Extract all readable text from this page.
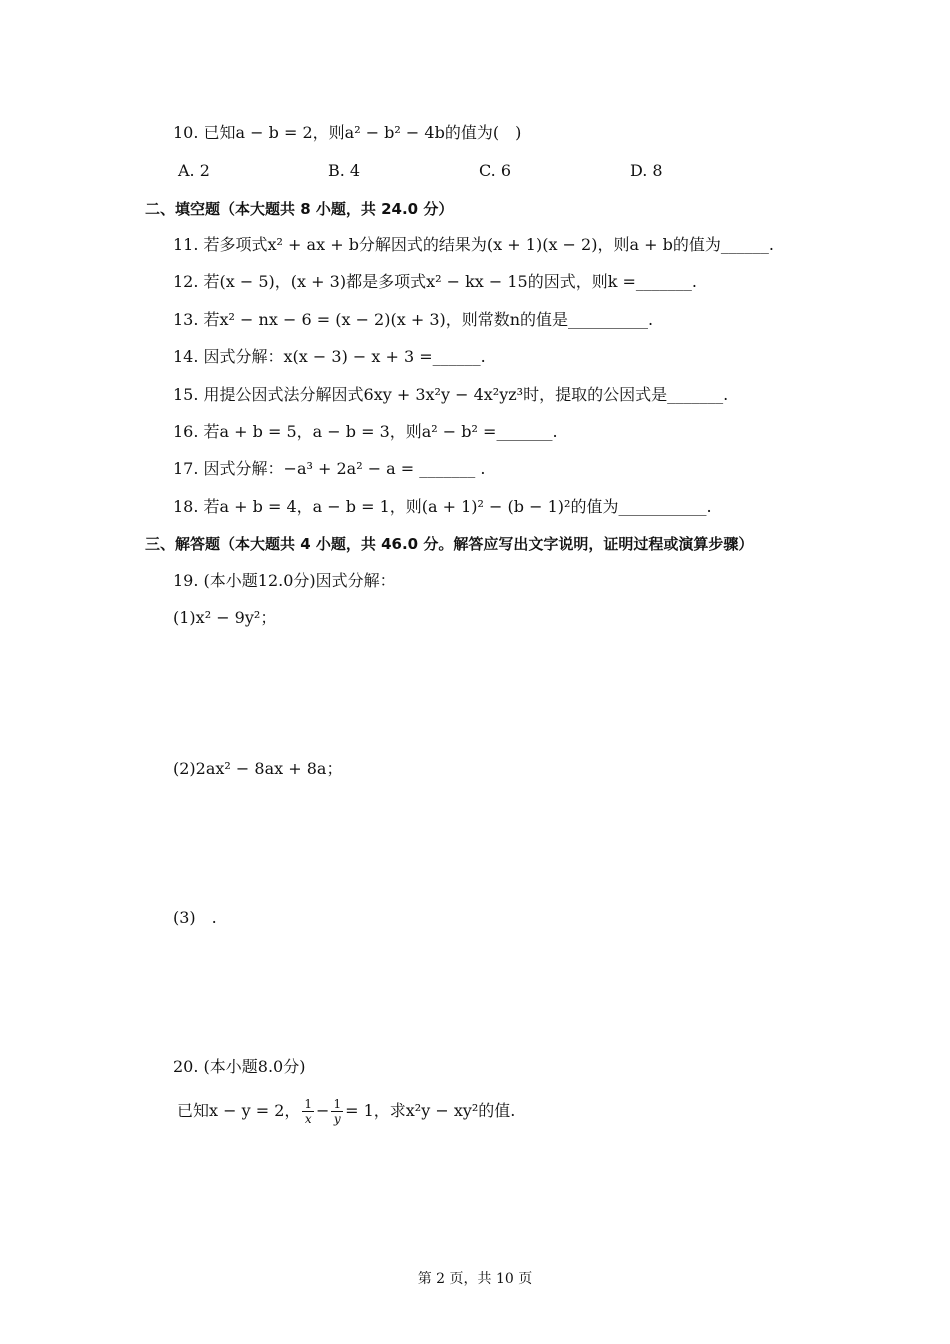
10. 已知a − b = 2，则a² − b² − 4b的值为(　)
A. 2	B. 4	C. 6	D. 8
二、填空题（本大题共 8 小题，共 24.0 分）
11. 若多项式x² + ax + b分解因式的结果为(x + 1)(x − 2)，则a + b的值为______.
12. 若(x − 5)，(x + 3)都是多项式x² − kx − 15的因式，则k =_______.
13. 若x² − nx − 6 = (x − 2)(x + 3)，则常数n的值是__________.
14. 因式分解：x(x − 3) − x + 3 =______.
15. 用提公因式法分解因式6xy + 3x²y − 4x²yz³时，提取的公因式是_______.
16. 若a + b = 5，a − b = 3，则a² − b² =_______.
17. 因式分解：−a³ + 2a² − a = _______ .
18. 若a + b = 4，a − b = 1，则(a + 1)² − (b − 1)²的值为___________.
三、解答题（本大题共 4 小题，共 46.0 分。解答应写出文字说明，证明过程或演算步骤）
19. (本小题12.0分)因式分解：
(1)x² − 9y²；
(2)2ax² − 8ax + 8a；
(3)　.
20. (本小题8.0分)
已知x − y = 2， $\frac{1}{x} - \frac{1}{y} = 1$，求x²y − xy²的值.
第 2 页，共 10 页
